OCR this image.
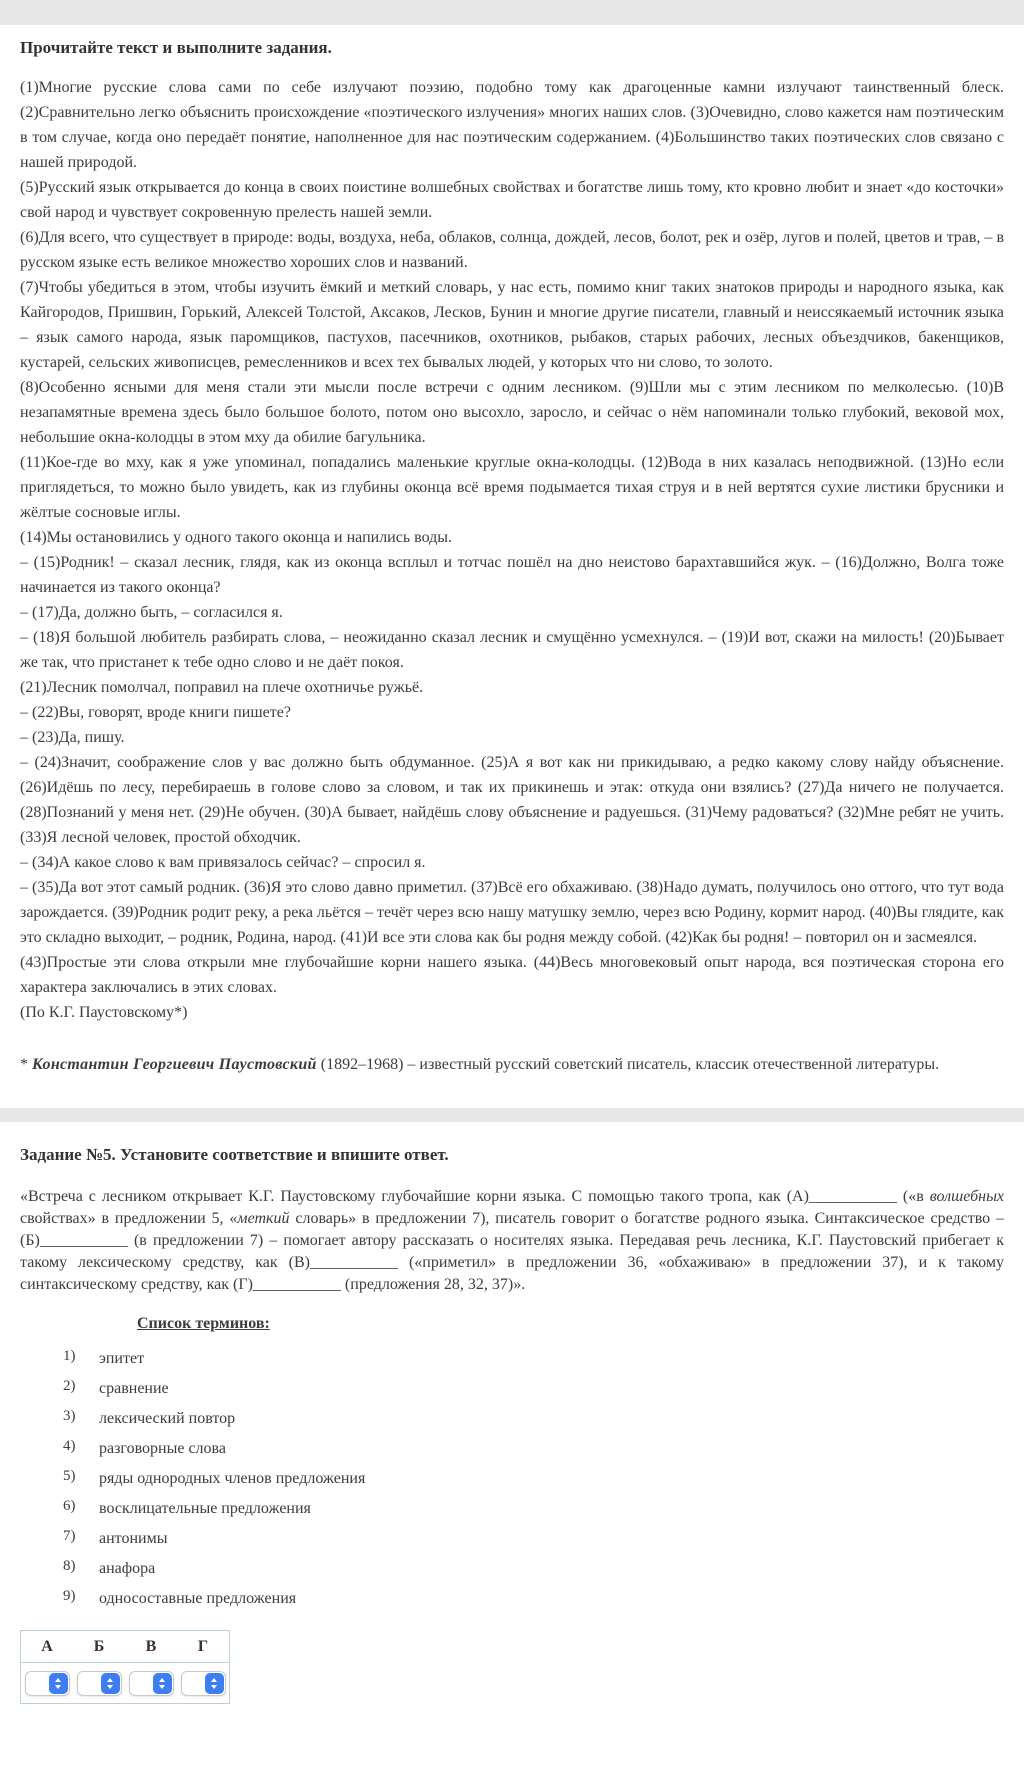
Прочитайте текст и выполните задания.

(1)Многие русские слова сами по себе излучают поэзию, подобно тому как драгоценные камни излучают таинственный блеск. (2)Сравнительно легко объяснить происхождение «поэтического излучения» многих наших слов. (3)Очевидно, слово кажется нам поэтическим в том случае, когда оно передаёт понятие, наполненное для нас поэтическим содержанием. (4)Большинство таких поэтических слов связано с нашей природой.

(5)Русский язык открывается до конца в своих поистине волшебных свойствах и богатстве лишь тому, кто кровно любит и знает «до косточки» свой народ и чувствует сокровенную прелесть нашей земли.

(6)Для всего, что существует в природе: воды, воздуха, неба, облаков, солнца, дождей, лесов, болот, рек и озёр, лугов и полей, цветов и трав, – в русском языке есть великое множество хороших слов и названий.

(7)Чтобы убедиться в этом, чтобы изучить ёмкий и меткий словарь, у нас есть, помимо книг таких знатоков природы и народного языка, как Кайгородов, Пришвин, Горький, Алексей Толстой, Аксаков, Лесков, Бунин и многие другие писатели, главный и неиссякаемый источник языка – язык самого народа, язык паромщиков, пастухов, пасечников, охотников, рыбаков, старых рабочих, лесных объездчиков, бакенщиков, кустарей, сельских живописцев, ремесленников и всех тех бывалых людей, у которых что ни слово, то золото.

(8)Особенно ясными для меня стали эти мысли после встречи с одним лесником. (9)Шли мы с этим лесником по мелколесью. (10)В незапамятные времена здесь было большое болото, потом оно высохло, заросло, и сейчас о нём напоминали только глубокий, вековой мох, небольшие окна-колодцы в этом мху да обилие багульника.

(11)Кое-где во мху, как я уже упоминал, попадались маленькие круглые окна-колодцы. (12)Вода в них казалась неподвижной. (13)Но если приглядеться, то можно было увидеть, как из глубины оконца всё время подымается тихая струя и в ней вертятся сухие листики брусники и жёлтые сосновые иглы.

(14)Мы остановились у одного такого оконца и напились воды.

– (15)Родник! – сказал лесник, глядя, как из оконца всплыл и тотчас пошёл на дно неистово барахтавшийся жук. – (16)Должно, Волга тоже начинается из такого оконца?

– (17)Да, должно быть, – согласился я.

– (18)Я большой любитель разбирать слова, – неожиданно сказал лесник и смущённо усмехнулся. – (19)И вот, скажи на милость! (20)Бывает же так, что пристанет к тебе одно слово и не даёт покоя.

(21)Лесник помолчал, поправил на плече охотничье ружьё.

– (22)Вы, говорят, вроде книги пишете?

– (23)Да, пишу.

– (24)Значит, соображение слов у вас должно быть обдуманное. (25)А я вот как ни прикидываю, а редко какому слову найду объяснение. (26)Идёшь по лесу, перебираешь в голове слово за словом, и так их прикинешь и этак: откуда они взялись? (27)Да ничего не получается. (28)Познаний у меня нет. (29)Не обучен. (30)А бывает, найдёшь слову объяснение и радуешься. (31)Чему радоваться? (32)Мне ребят не учить. (33)Я лесной человек, простой обходчик.

– (34)А какое слово к вам привязалось сейчас? – спросил я.

– (35)Да вот этот самый родник. (36)Я это слово давно приметил. (37)Всё его обхаживаю. (38)Надо думать, получилось оно оттого, что тут вода зарождается. (39)Родник родит реку, а река льётся – течёт через всю нашу матушку землю, через всю Родину, кормит народ. (40)Вы глядите, как это складно выходит, – родник, Родина, народ. (41)И все эти слова как бы родня между собой. (42)Как бы родня! – повторил он и засмеялся.

(43)Простые эти слова открыли мне глубочайшие корни нашего языка. (44)Весь многовековый опыт народа, вся поэтическая сторона его характера заключались в этих словах.

(По К.Г. Паустовскому*)

* Константин Георгиевич Паустовский (1892–1968) – известный русский советский писатель, классик отечественной литературы.

Задание №5. Установите соответствие и впишите ответ.

«Встреча с лесником открывает К.Г. Паустовскому глубочайшие корни языка. С помощью такого тропа, как (А)___________ («в волшебных свойствах» в предложении 5, «меткий словарь» в предложении 7), писатель говорит о богатстве родного языка. Синтаксическое средство – (Б)___________ (в предложении 7) – помогает автору рассказать о носителях языка. Передавая речь лесника, К.Г. Паустовский прибегает к такому лексическому средству, как (В)___________ («приметил» в предложении 36, «обхаживаю» в предложении 37), и к такому синтаксическому средству, как (Г)___________ (предложения 28, 32, 37)».

Список терминов:
1) эпитет
2) сравнение
3) лексический повтор
4) разговорные слова
5) ряды однородных членов предложения
6) восклицательные предложения
7) антонимы
8) анафора
9) односоставные предложения
А	Б	В	Г
